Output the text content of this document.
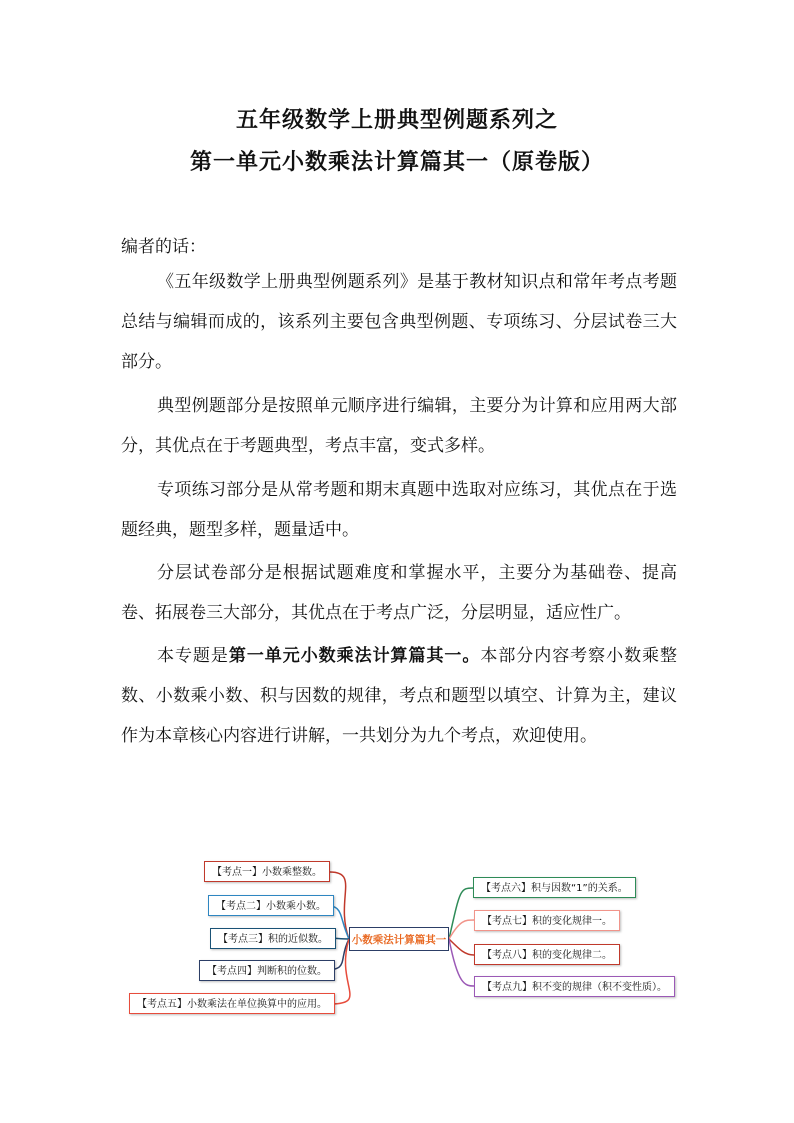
五年级数学上册典型例题系列之
第一单元小数乘法计算篇其一（原卷版）
编者的话：

《五年级数学上册典型例题系列》是基于教材知识点和常年考点考题总结与编辑而成的，该系列主要包含典型例题、专项练习、分层试卷三大部分。

典型例题部分是按照单元顺序进行编辑，主要分为计算和应用两大部分，其优点在于考题典型，考点丰富，变式多样。

专项练习部分是从常考题和期末真题中选取对应练习，其优点在于选题经典，题型多样，题量适中。

分层试卷部分是根据试题难度和掌握水平，主要分为基础卷、提高卷、拓展卷三大部分，其优点在于考点广泛，分层明显，适应性广。

本专题是第一单元小数乘法计算篇其一。本部分内容考察小数乘整数、小数乘小数、积与因数的规律，考点和题型以填空、计算为主，建议作为本章核心内容进行讲解，一共划分为九个考点，欢迎使用。

小数乘法计算篇其一
【考点一】小数乘整数。
【考点二】小数乘小数。
【考点三】积的近似数。
【考点四】判断积的位数。
【考点五】小数乘法在单位换算中的应用。
【考点六】积与因数“1”的关系。
【考点七】积的变化规律一。
【考点八】积的变化规律二。
【考点九】积不变的规律（积不变性质）。
